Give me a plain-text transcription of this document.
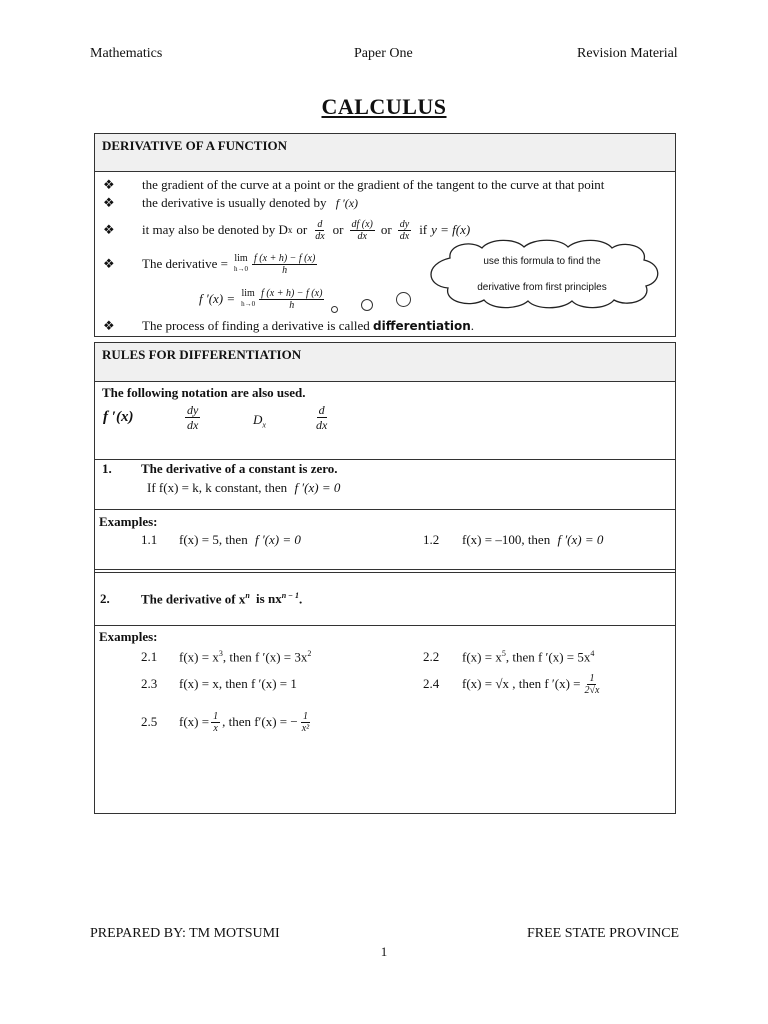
Mathematics	Paper One	Revision Material
CALCULUS
DERIVATIVE OF A FUNCTION
❖ the gradient of the curve at a point or the gradient of the tangent to the curve at that point
❖ the derivative is usually denoted by f ′(x)
❖ it may also be denoted by D x or $\frac{d}{dx}$ or $\frac{df (x)}{dx}$ or $\frac{dy}{dx}$ if y = f(x)
❖ The derivative = lim
$h\to 0 \frac{f (x + h) - f (x)}{h}$
f ′(x) = lim
$h\to 0 \frac{f (x + h) - f (x)}{h}$
❖ The process of finding a derivative is called differentiation.
use this formula to find the
derivative from first principles
RULES FOR DIFFERENTIATION
The following notation are also used.
f ′(x)	$\frac{dy}{dx}$	$D_x$	$\frac{d}{dx}$
1. The derivative of a constant is zero.
If f(x) = k, k constant, then f ′(x) = 0
Examples:
1.1 f(x) = 5, then f ′(x) = 0	1.2 f(x) = –100, then f ′(x) = 0
2. The derivative of $x^n$ is $nx^{n - 1}$.
Examples:
2.1 $f(x) = x^3$, then f $'(x) = 3x^2$	2.2 $f(x) = x^5$, then f $'(x) = 5x^4$
2.3 f(x) = x, then f ′(x) = 1	2.4 f(x) = √x , then f $'(x) = \frac{1}{2√x}$
2.5 $f(x) = \frac{1}{x}$ , then f′(x) = − $\frac{1}{\text{x²}}$
PREPARED BY: TM MOTSUMI	FREE STATE PROVINCE
1
